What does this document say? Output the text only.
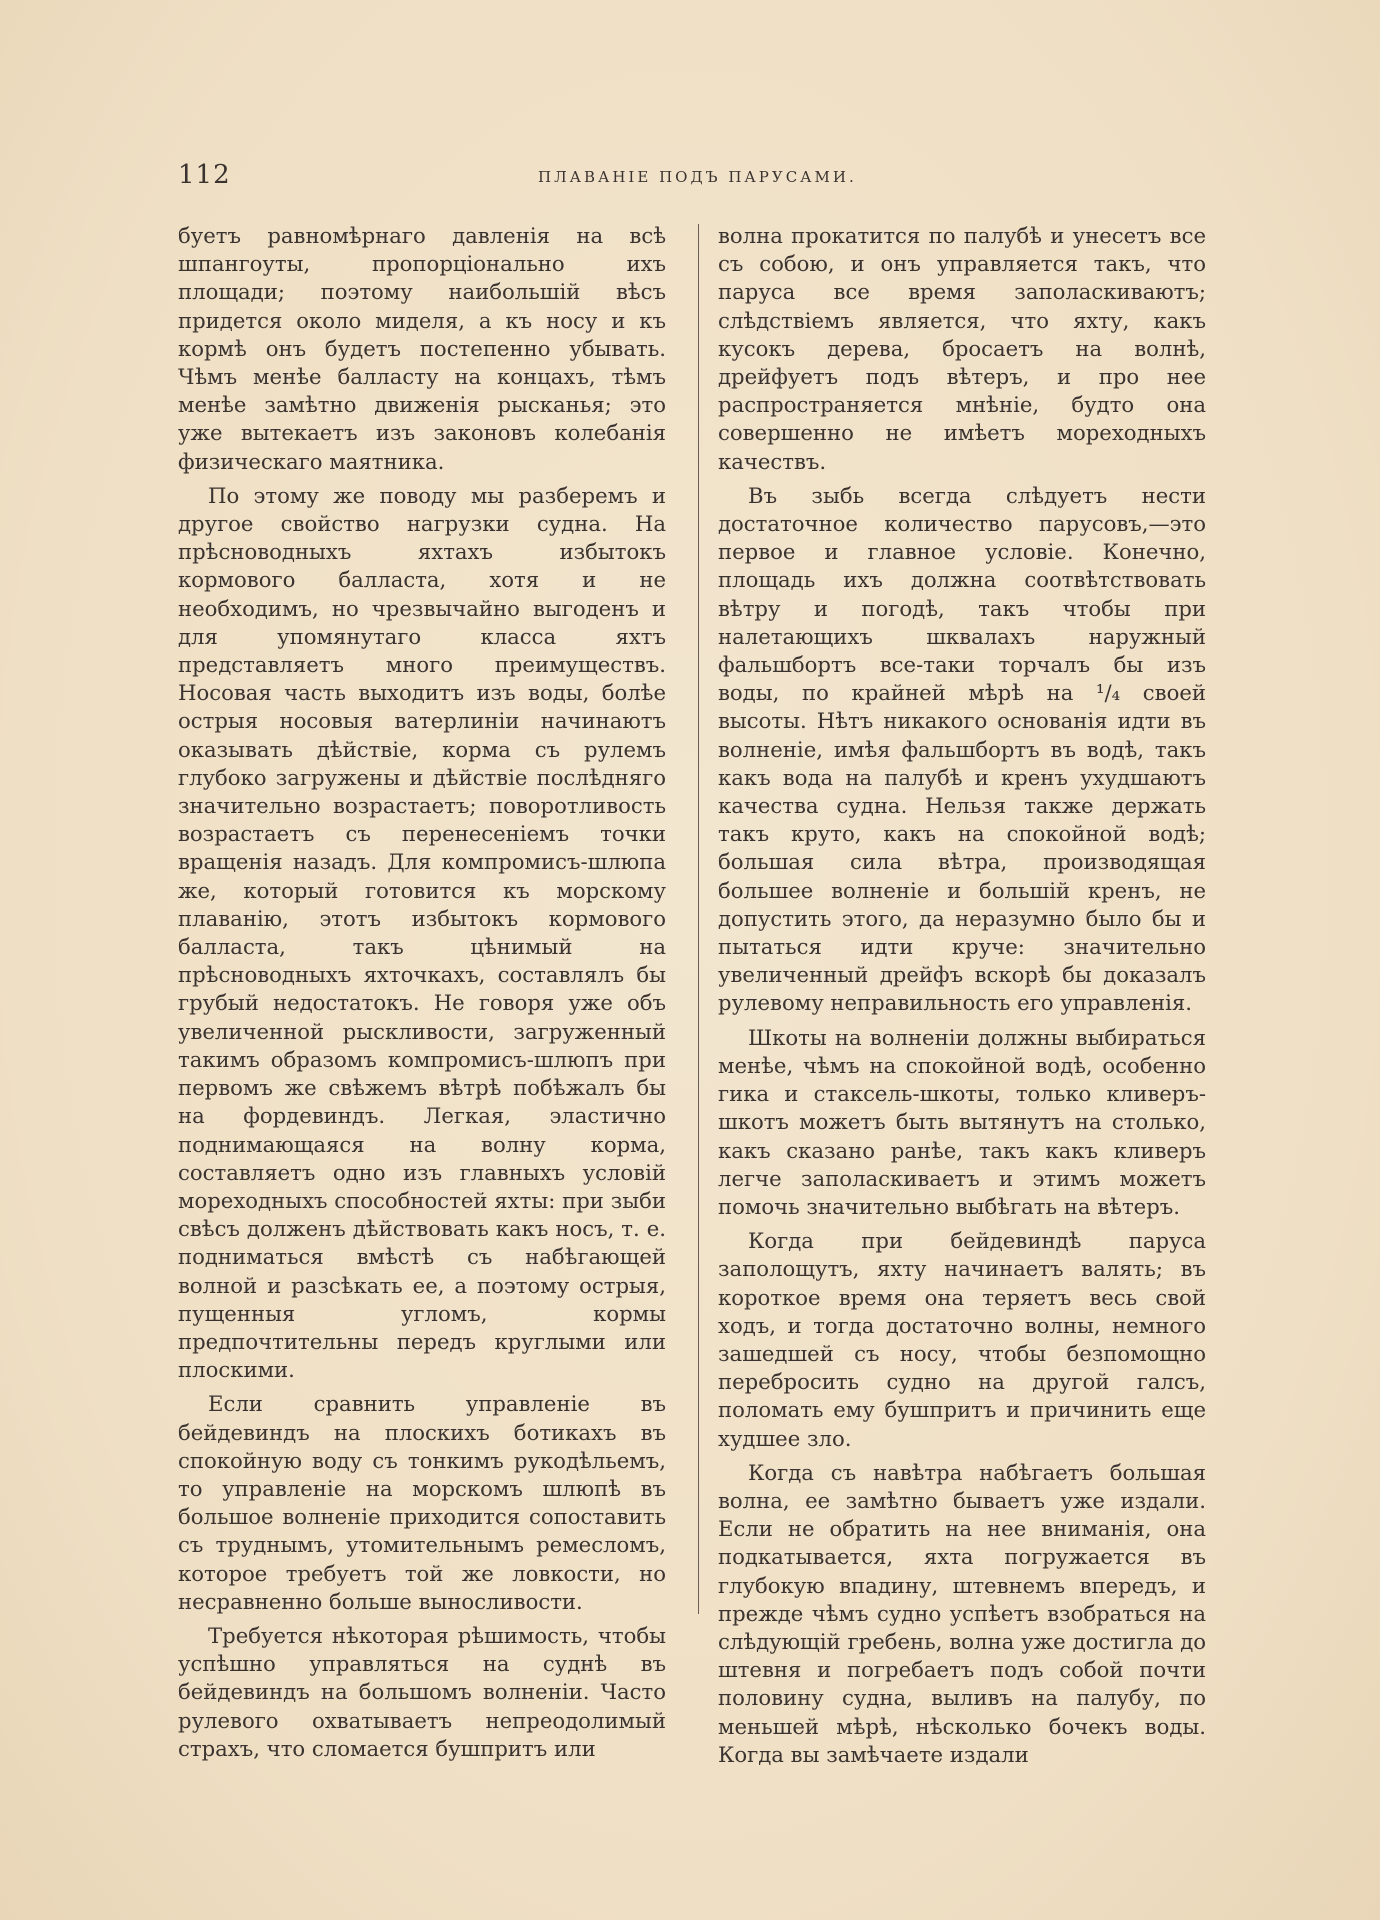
112	ПЛАВАНІЕ ПОДЪ ПАРУСАМИ.

буетъ равномѣрнаго давленія на всѣ шпангоуты, пропорціонально ихъ площади; поэтому наибольшій вѣсъ придется около миделя, а къ носу и къ кормѣ онъ будетъ постепенно убывать. Чѣмъ менѣе балласту на концахъ, тѣмъ менѣе замѣтно движенія рысканья; это уже вытекаетъ изъ законовъ колебанія физическаго маятника.

По этому же поводу мы разберемъ и другое свойство нагрузки судна. На прѣсноводныхъ яхтахъ избытокъ кормового балласта, хотя и не необходимъ, но чрезвычайно выгоденъ и для упомянутаго класса яхтъ представляетъ много преимуществъ. Носовая часть выходитъ изъ воды, болѣе острыя носовыя ватерлиніи начинаютъ оказывать дѣйствіе, корма съ рулемъ глубоко загружены и дѣйствіе послѣдняго значительно возрастаетъ; поворотливость возрастаетъ съ перенесеніемъ точки вращенія назадъ. Для компромисъ-шлюпа же, который готовится къ морскому плаванію, этотъ избытокъ кормового балласта, такъ цѣнимый на прѣсноводныхъ яхточкахъ, составлялъ бы грубый недостатокъ. Не говоря уже объ увеличенной рыскливости, загруженный такимъ образомъ компромисъ-шлюпъ при первомъ же свѣжемъ вѣтрѣ побѣжалъ бы на фордевиндъ. Легкая, эластично поднимающаяся на волну корма, составляетъ одно изъ главныхъ условій мореходныхъ способностей яхты: при зыби свѣсъ долженъ дѣйствовать какъ носъ, т. е. подниматься вмѣстѣ съ набѣгающей волной и разсѣкать ее, а поэтому острыя, пущенныя угломъ, кормы предпочтительны передъ круглыми или плоскими.

Если сравнить управленіе въ бейдевиндъ на плоскихъ ботикахъ въ спокойную воду съ тонкимъ рукодѣльемъ, то управленіе на морскомъ шлюпѣ въ большое волненіе приходится сопоставить съ труднымъ, утомительнымъ ремесломъ, которое требуетъ той же ловкости, но несравненно больше выносливости.

Требуется нѣкоторая рѣшимость, чтобы успѣшно управляться на суднѣ въ бейдевиндъ на большомъ волненіи. Часто рулевого охватываетъ непреодолимый страхъ, что сломается бушпритъ или

волна прокатится по палубѣ и унесетъ все съ собою, и онъ управляется такъ, что паруса все время заполаскиваютъ; слѣдствіемъ является, что яхту, какъ кусокъ дерева, бросаетъ на волнѣ, дрейфуетъ подъ вѣтеръ, и про нее распространяется мнѣніе, будто она совершенно не имѣетъ мореходныхъ качествъ.

Въ зыбь всегда слѣдуетъ нести достаточное количество парусовъ,—это первое и главное условіе. Конечно, площадь ихъ должна соотвѣтствовать вѣтру и погодѣ, такъ чтобы при налетающихъ шквалахъ наружный фальшбортъ все-таки торчалъ бы изъ воды, по крайней мѣрѣ на ¹/₄ своей высоты. Нѣтъ никакого основанія идти въ волненіе, имѣя фальшбортъ въ водѣ, такъ какъ вода на палубѣ и кренъ ухудшаютъ качества судна. Нельзя также держать такъ круто, какъ на спокойной водѣ; большая сила вѣтра, производящая большее волненіе и большій кренъ, не допустить этого, да неразумно было бы и пытаться идти круче: значительно увеличенный дрейфъ вскорѣ бы доказалъ рулевому неправильность его управленія.

Шкоты на волненіи должны выбираться менѣе, чѣмъ на спокойной водѣ, особенно гика и стаксель-шкоты, только кливеръ-шкотъ можетъ быть вытянутъ на столько, какъ сказано ранѣе, такъ какъ кливеръ легче заполаскиваетъ и этимъ можетъ помочь значительно выбѣгать на вѣтеръ.

Когда при бейдевиндѣ паруса заполощутъ, яхту начинаетъ валять; въ короткое время она теряетъ весь свой ходъ, и тогда достаточно волны, немного зашедшей съ носу, чтобы безпомощно перебросить судно на другой галсъ, поломать ему бушпритъ и причинить еще худшее зло.

Когда съ навѣтра набѣгаетъ большая волна, ее замѣтно бываетъ уже издали. Если не обратить на нее вниманія, она подкатывается, яхта погружается въ глубокую впадину, штевнемъ впередъ, и прежде чѣмъ судно успѣетъ взобраться на слѣдующій гребень, волна уже достигла до штевня и погребаетъ подъ собой почти половину судна, выливъ на палубу, по меньшей мѣрѣ, нѣсколько бочекъ воды. Когда вы замѣчаете издали
